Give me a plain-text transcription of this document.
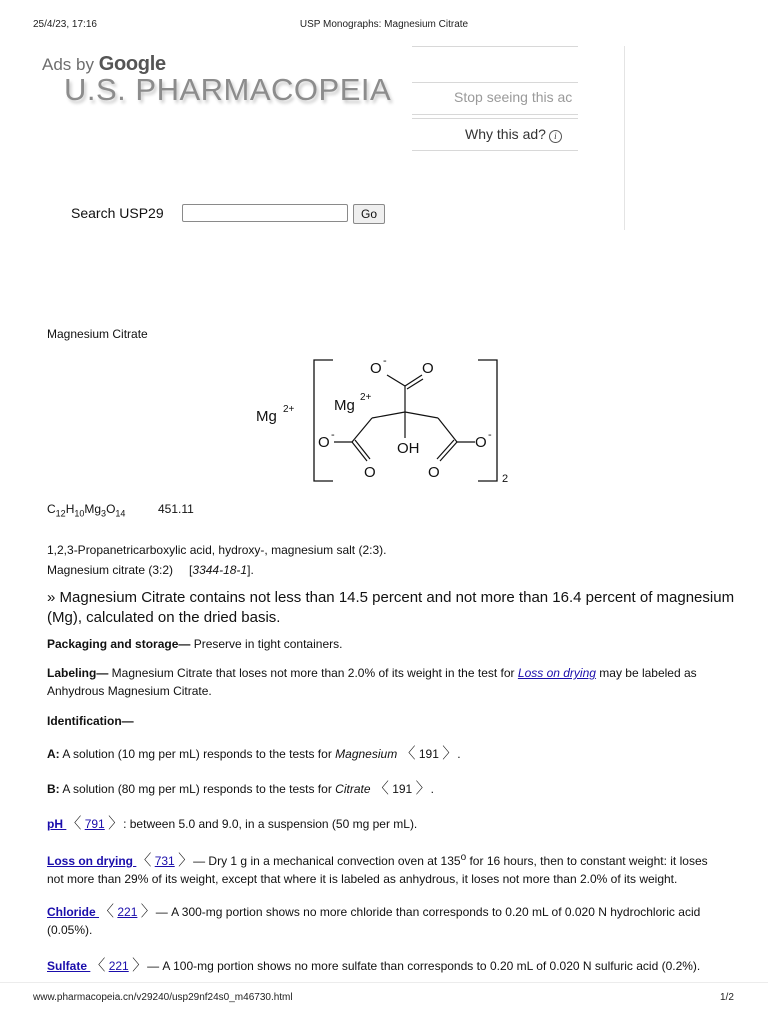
25/4/23, 17:16	USP Monographs: Magnesium Citrate
U.S. PHARMACOPEIA
Ads by Google
Stop seeing this ac
Why this ad? i
Search USP29	Go
Magnesium Citrate
Mg 2+	Mg 2+
O - O
O -
OH
O	O
O -
2
$C_{12}H_{10}Mg_3O_{14}$	451.11
1,2,3-Propanetricarboxylic acid, hydroxy-, magnesium salt (2:3).
Magnesium citrate (3:2) [3344-18-1].
» Magnesium Citrate contains not less than 14.5 percent and not more than 16.4 percent of magnesium (Mg), calculated on the dried basis.
Packaging and storage— Preserve in tight containers.
Labeling— Magnesium Citrate that loses not more than 2.0% of its weight in the test for Loss on drying may be labeled as Anhydrous Magnesium Citrate.
Identification—
A: A solution (10 mg per mL) responds to the tests for Magnesium 〈 191 〉.
B: A solution (80 mg per mL) responds to the tests for Citrate 〈 191 〉.
pH 〈 791 〉: between 5.0 and 9.0, in a suspension (50 mg per mL).
Loss on drying 〈 731 〉— Dry 1 g in a mechanical convection oven at 135$^o$ for 16 hours, then to constant weight: it loses not more than 29% of its weight, except that where it is labeled as anhydrous, it loses not more than 2.0% of its weight.
Chloride 〈 221 〉— A 300-mg portion shows no more chloride than corresponds to 0.20 mL of 0.020 N hydrochloric acid (0.05%).
Sulfate 〈 221 〉— A 100-mg portion shows no more sulfate than corresponds to 0.20 mL of 0.020 N sulfuric acid (0.2%).
www.pharmacopeia.cn/v29240/usp29nf24s0_m46730.html	1/2
